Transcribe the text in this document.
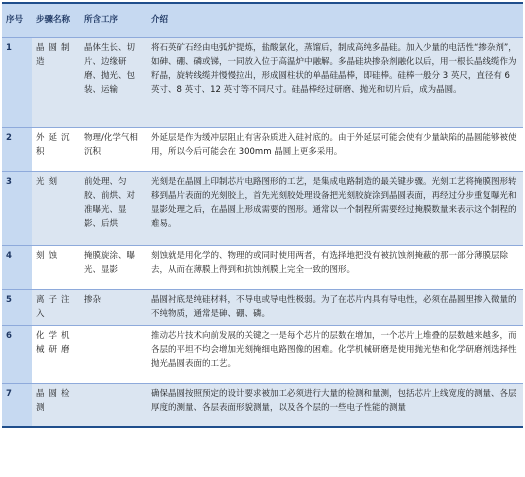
序号	步骤名称	所含工序	介绍
1	晶圆制造	晶体生长、切片、边缘研磨、抛光、包装、运输	将石英矿石经由电弧炉提炼，盐酸氯化，蒸馏后，制成高纯多晶硅。加入少量的电活性“掺杂剂”，如砷、硼、磷或锑，一同放入位于高温炉中融解。多晶硅块掺杂剂融化以后，用一根长晶线缆作为籽晶，旋转线缆并慢慢拉出，形成圆柱状的单晶硅晶棒，即硅棒。硅棒一般分 3 英尺，直径有 6 英寸、8 英寸、12 英寸等不同尺寸。硅晶棒经过研磨、抛光和切片后，成为晶圆。
2	外延沉积	物理/化学气相沉积	外延层是作为缓冲层阻止有害杂质进入硅衬底的。由于外延层可能会使有少量缺陷的晶圆能够被使用，所以今后可能会在 300mm 晶圆上更多采用。
3	光刻	前处理、匀胶、前烘、对准曝光、显影、后烘	光刻是在晶圆上印制芯片电路图形的工艺，是集成电路制造的最关键步骤。光刻工艺将掩膜图形转移到晶片表面的光刻胶上，首先光刻胶处理设备把光刻胶旋涂到晶圆表面，再经过分步重复曝光和显影处理之后，在晶圆上形成需要的图形。通常以一个制程所需要经过掩膜数量来表示这个制程的难易。
4	刻蚀	掩膜旋涂、曝光、显影	刻蚀就是用化学的、物理的或同时使用两者，有选择地把没有被抗蚀剂掩蔽的那一部分薄膜层除去，从而在薄膜上得到和抗蚀剂膜上完全一致的图形。
5	离子注入	掺杂	晶圆衬底是纯硅材料，不导电或导电性极弱。为了在芯片内具有导电性，必须在晶圆里掺入微量的不纯物质，通常是砷、硼、磷。
6	化学机械研磨		推动芯片技术向前发展的关键之一是每个芯片的层数在增加，一个芯片上堆叠的层数越来越多，而各层的平坦不均会增加光刻掩细电路图像的困难。化学机械研磨是使用抛光垫和化学研磨剂选择性抛光晶圆表面的工艺。
7	晶圆检测		确保晶圆按照预定的设计要求被加工必须进行大量的检测和量测，包括芯片上线宽度的测量、各层厚度的测量、各层表面形貌测量，以及各个层的一些电子性能的测量
